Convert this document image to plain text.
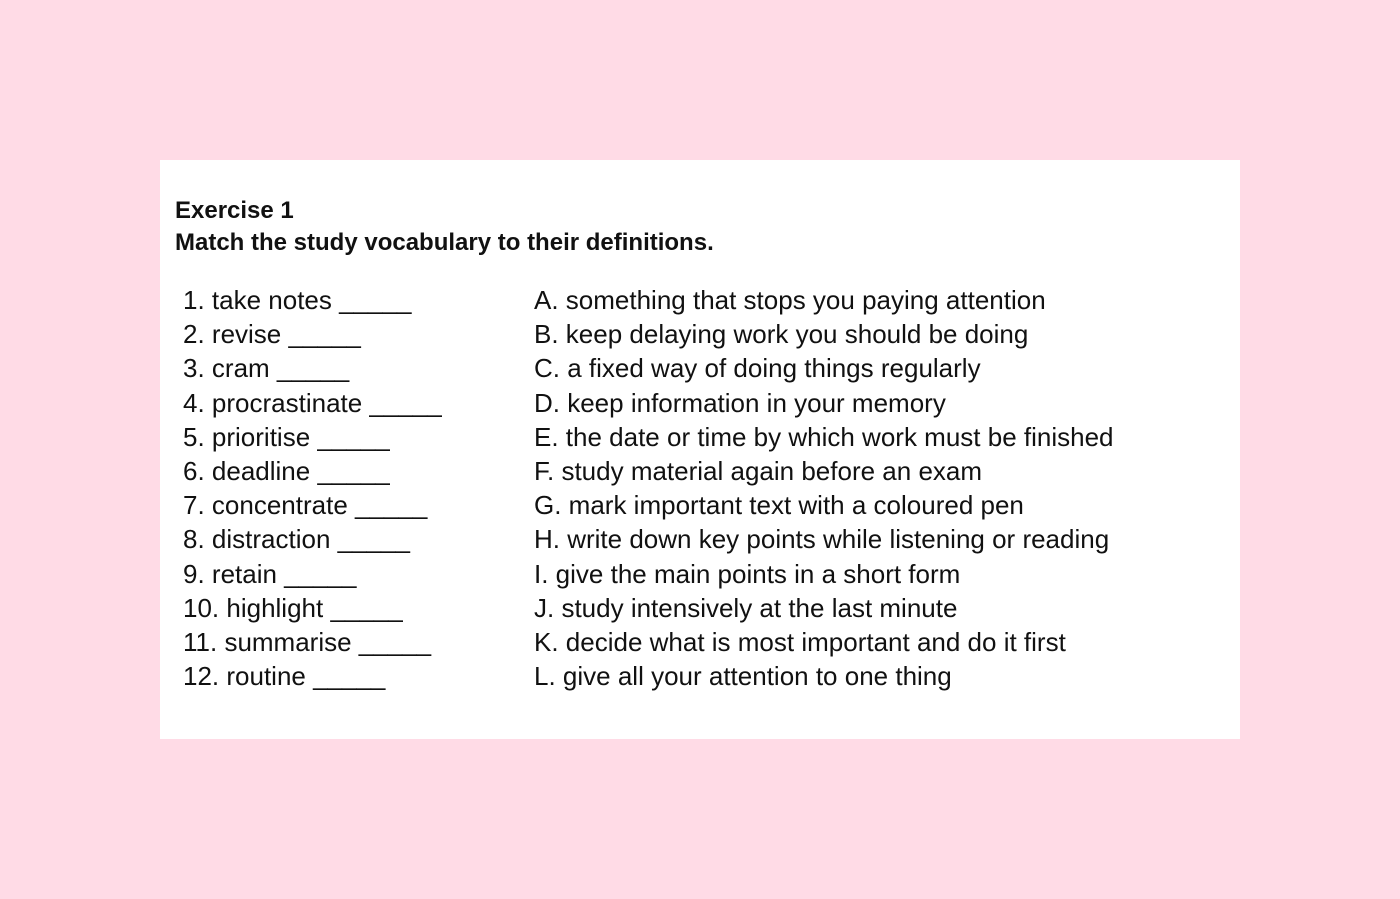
Exercise 1
Match the study vocabulary to their definitions.
1. take notes _____
2. revise _____
3. cram _____
4. procrastinate _____
5. prioritise _____
6. deadline _____
7. concentrate _____
8. distraction _____
9. retain _____
10. highlight _____
11. summarise _____
12. routine _____
A. something that stops you paying attention
B. keep delaying work you should be doing
C. a fixed way of doing things regularly
D. keep information in your memory
E. the date or time by which work must be finished
F. study material again before an exam
G. mark important text with a coloured pen
H. write down key points while listening or reading
I. give the main points in a short form
J. study intensively at the last minute
K. decide what is most important and do it first
L. give all your attention to one thing
